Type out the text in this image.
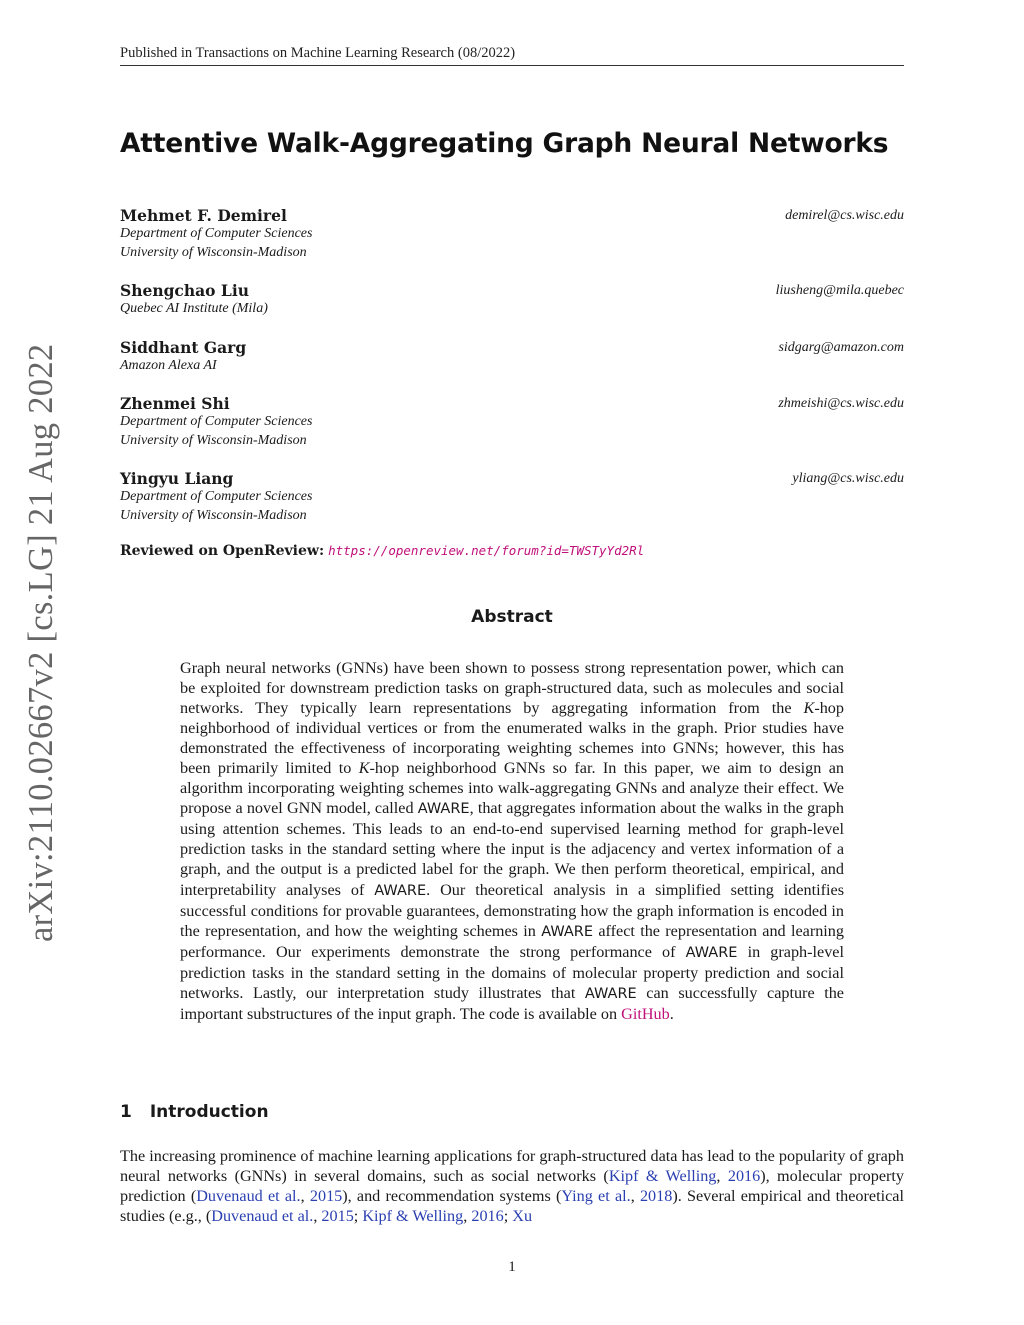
Published in Transactions on Machine Learning Research (08/2022)
arXiv:2110.02667v2 [cs.LG] 21 Aug 2022
Attentive Walk-Aggregating Graph Neural Networks
Mehmet F. Demirel	demirel@cs.wisc.edu
Department of Computer Sciences
University of Wisconsin-Madison
Shengchao Liu	liusheng@mila.quebec
Quebec AI Institute (Mila)
Siddhant Garg	sidgarg@amazon.com
Amazon Alexa AI
Zhenmei Shi	zhmeishi@cs.wisc.edu
Department of Computer Sciences
University of Wisconsin-Madison
Yingyu Liang	yliang@cs.wisc.edu
Department of Computer Sciences
University of Wisconsin-Madison
Reviewed on OpenReview: https://openreview.net/forum?id=TWSTyYd2Rl
Abstract
Graph neural networks (GNNs) have been shown to possess strong representation power, which can be exploited for downstream prediction tasks on graph-structured data, such as molecules and social networks. They typically learn representations by aggregating information from the K-hop neighborhood of individual vertices or from the enumerated walks in the graph. Prior studies have demonstrated the effectiveness of incorporating weighting schemes into GNNs; however, this has been primarily limited to K-hop neighborhood GNNs so far. In this paper, we aim to design an algorithm incorporating weighting schemes into walk-aggregating GNNs and analyze their effect. We propose a novel GNN model, called AWARE, that aggregates information about the walks in the graph using attention schemes. This leads to an end-to-end supervised learning method for graph-level prediction tasks in the standard setting where the input is the adjacency and vertex information of a graph, and the output is a predicted label for the graph. We then perform theoretical, empirical, and interpretability analyses of AWARE. Our theoretical analysis in a simplified setting identifies successful conditions for provable guarantees, demonstrating how the graph information is encoded in the representation, and how the weighting schemes in AWARE affect the representation and learning performance. Our experiments demonstrate the strong performance of AWARE in graph-level prediction tasks in the standard setting in the domains of molecular property prediction and social networks. Lastly, our interpretation study illustrates that AWARE can successfully capture the important substructures of the input graph. The code is available on GitHub.
1 Introduction
The increasing prominence of machine learning applications for graph-structured data has lead to the popularity of graph neural networks (GNNs) in several domains, such as social networks (Kipf & Welling, 2016), molecular property prediction (Duvenaud et al., 2015), and recommendation systems (Ying et al., 2018). Several empirical and theoretical studies (e.g., (Duvenaud et al., 2015; Kipf & Welling, 2016; Xu
1
